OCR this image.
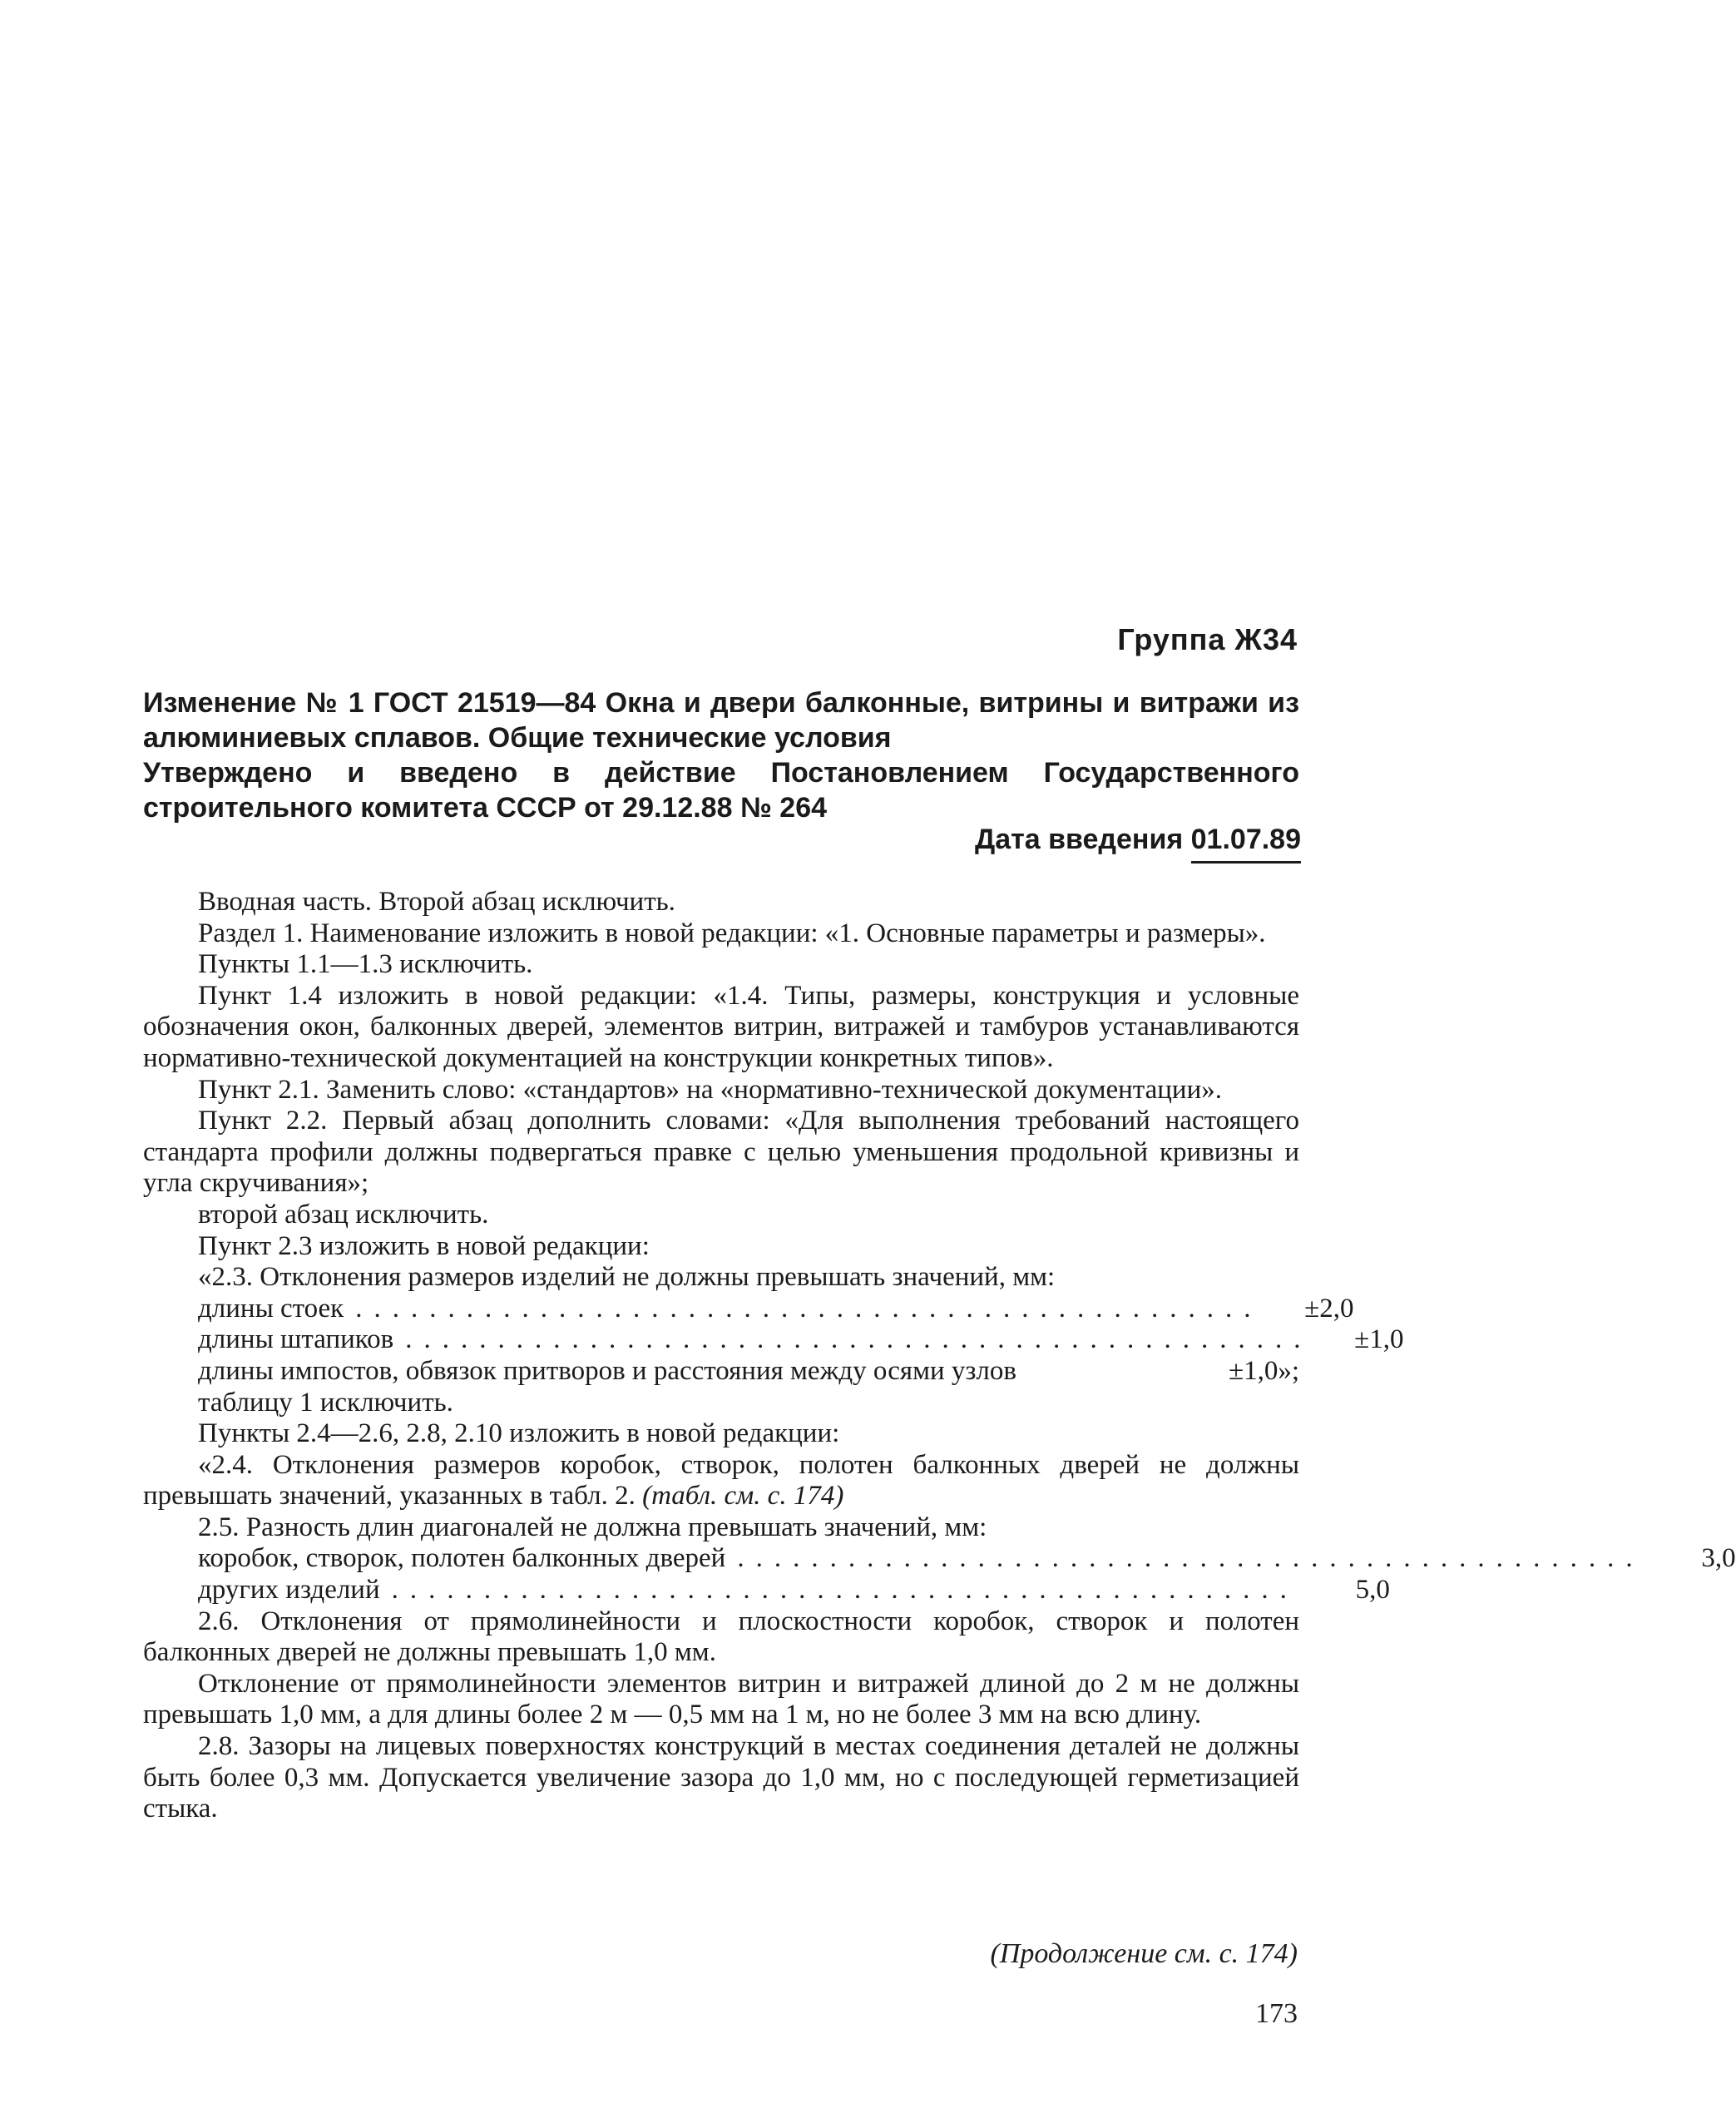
Группа Ж34
Изменение № 1 ГОСТ 21519—84 Окна и двери балконные, витрины и витражи из алюминиевых сплавов. Общие технические условия
Утверждено и введено в действие Постановлением Государственного строительного комитета СССР от 29.12.88 № 264
Дата введения 01.07.89

Вводная часть. Второй абзац исключить.

Раздел 1. Наименование изложить в новой редакции: «1. Основные параметры и размеры».

Пункты 1.1—1.3 исключить.

Пункт 1.4 изложить в новой редакции: «1.4. Типы, размеры, конструкция и условные обозначения окон, балконных дверей, элементов витрин, витражей и тамбуров устанавливаются нормативно-технической документацией на конструкции конкретных типов».

Пункт 2.1. Заменить слово: «стандартов» на «нормативно-технической документации».

Пункт 2.2. Первый абзац дополнить словами: «Для выполнения требований настоящего стандарта профили должны подвергаться правке с целью уменьшения продольной кривизны и угла скручивания»;

второй абзац исключить.

Пункт 2.3 изложить в новой редакции:

«2.3. Отклонения размеров изделий не должны превышать значений, мм:

длины стоек .................................................	±2,0
длины штапиков .................................................	±1,0
длины импостов, обвязок притворов и расстояния между осями узлов	±1,0»;

таблицу 1 исключить.

Пункты 2.4—2.6, 2.8, 2.10 изложить в новой редакции:

«2.4. Отклонения размеров коробок, створок, полотен балконных дверей не должны превышать значений, указанных в табл. 2. (табл. см. с. 174)

2.5. Разность длин диагоналей не должна превышать значений, мм:

коробок, створок, полотен балконных дверей .................................................	3,0
других изделий .................................................	5,0

2.6. Отклонения от прямолинейности и плоскостности коробок, створок и полотен балконных дверей не должны превышать 1,0 мм.

Отклонение от прямолинейности элементов витрин и витражей длиной до 2 м не должны превышать 1,0 мм, а для длины более 2 м — 0,5 мм на 1 м, но не более 3 мм на всю длину.

2.8. Зазоры на лицевых поверхностях конструкций в местах соединения деталей не должны быть более 0,3 мм. Допускается увеличение зазора до 1,0 мм, но с последующей герметизацией стыка.

(Продолжение см. с. 174)
173
